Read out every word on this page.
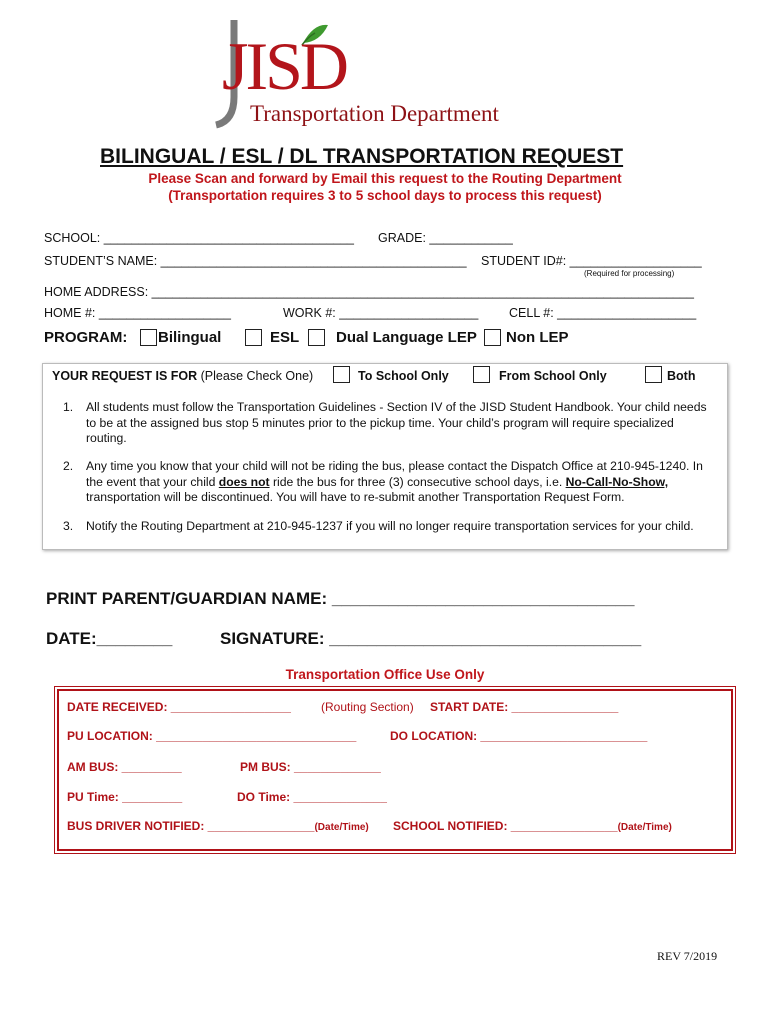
JISD
Transportation Department
BILINGUAL / ESL / DL TRANSPORTATION REQUEST
Please Scan and forward by Email this request to the Routing Department
(Transportation requires 3 to 5 school days to process this request)
SCHOOL: ____________________________________ GRADE: ____________
STUDENT’S NAME: ____________________________________________ STUDENT ID#: ___________________
(Required for processing)
HOME ADDRESS: ______________________________________________________________________________
HOME #: ___________________	WORK #: ____________________ CELL #: ____________________
PROGRAM: Bilingual	ESL Dual Language LEP Non LEP
YOUR REQUEST IS FOR (Please Check One)	To School Only	From School Only	Both
1. All students must follow the Transportation Guidelines - Section IV of the JISD Student Handbook. Your child needs to be at the assigned bus stop 5 minutes prior to the pickup time. Your child’s program will require specialized routing.
2. Any time you know that your child will not be riding the bus, please contact the Dispatch Office at 210-945-1240. In the event that your child does not ride the bus for three (3) consecutive school days, i.e. No-Call-No-Show, transportation will be discontinued. You will have to re-submit another Transportation Request Form.
3. Notify the Routing Department at 210-945-1237 if you will no longer require transportation services for your child.
PRINT PARENT/GUARDIAN NAME: ________________________________
DATE:________	SIGNATURE: _________________________________
Transportation Office Use Only
DATE RECEIVED: __________________	(Routing Section) START DATE: ________________
PU LOCATION: ______________________________	DO LOCATION: _________________________
AM BUS: _________	PM BUS: _____________
PU Time: _________	DO Time: ______________
BUS DRIVER NOTIFIED: ________________(Date/Time) SCHOOL NOTIFIED: ________________(Date/Time)
REV 7/2019
